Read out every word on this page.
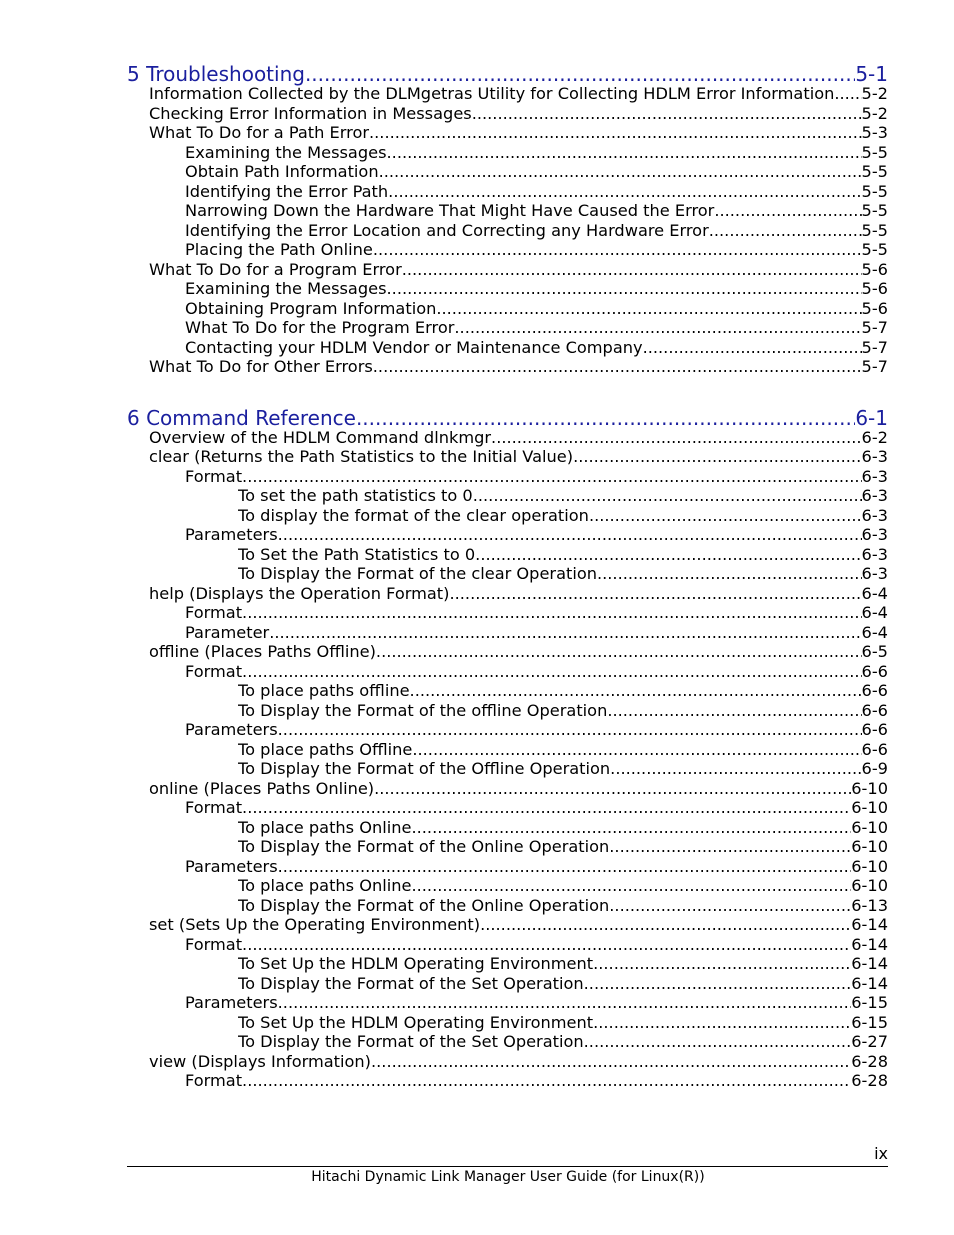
5 Troubleshooting .....	5-1
Information Collected by the DLMgetras Utility for Collecting HDLM Error Information. ..... 5-2
Checking Error Information in Messages .....	5-2
What To Do for a Path Error .....	5-3
Examining the Messages .....	5-5
Obtain Path Information .....	5-5
Identifying the Error Path .....	5-5
Narrowing Down the Hardware That Might Have Caused the Error .....	5-5
Identifying the Error Location and Correcting any Hardware Error .....	5-5
Placing the Path Online .....	5-5
What To Do for a Program Error .....	5-6
Examining the Messages .....	5-6
Obtaining Program Information .....	5-6
What To Do for the Program Error .....	5-7
Contacting your HDLM Vendor or Maintenance Company .....	5-7
What To Do for Other Errors .....	5-7
6 Command Reference .....	6-1
Overview of the HDLM Command dlnkmgr .....	6-2
clear (Returns the Path Statistics to the Initial Value) .....	6-3
Format .....	6-3
To set the path statistics to 0 .....	6-3
To display the format of the clear operation .....	6-3
Parameters .....	6-3
To Set the Path Statistics to 0 .....	6-3
To Display the Format of the clear Operation .....	6-3
help (Displays the Operation Format) .....	6-4
Format .....	6-4
Parameter .....	6-4
offline (Places Paths Offline) .....	6-5
Format .....	6-6
To place paths offline .....	6-6
To Display the Format of the offline Operation .....	6-6
Parameters .....	6-6
To place paths Offline .....	6-6
To Display the Format of the Offline Operation .....	6-9
online (Places Paths Online) .....	6-10
Format .....	6-10
To place paths Online .....	6-10
To Display the Format of the Online Operation .....	6-10
Parameters .....	6-10
To place paths Online .....	6-10
To Display the Format of the Online Operation .....	6-13
set (Sets Up the Operating Environment) .....	6-14
Format .....	6-14
To Set Up the HDLM Operating Environment .....	6-14
To Display the Format of the Set Operation .....	6-14
Parameters .....	6-15
To Set Up the HDLM Operating Environment .....	6-15
To Display the Format of the Set Operation .....	6-27
view (Displays Information) .....	6-28
Format .....	6-28
ix
Hitachi Dynamic Link Manager User Guide (for Linux(R))
